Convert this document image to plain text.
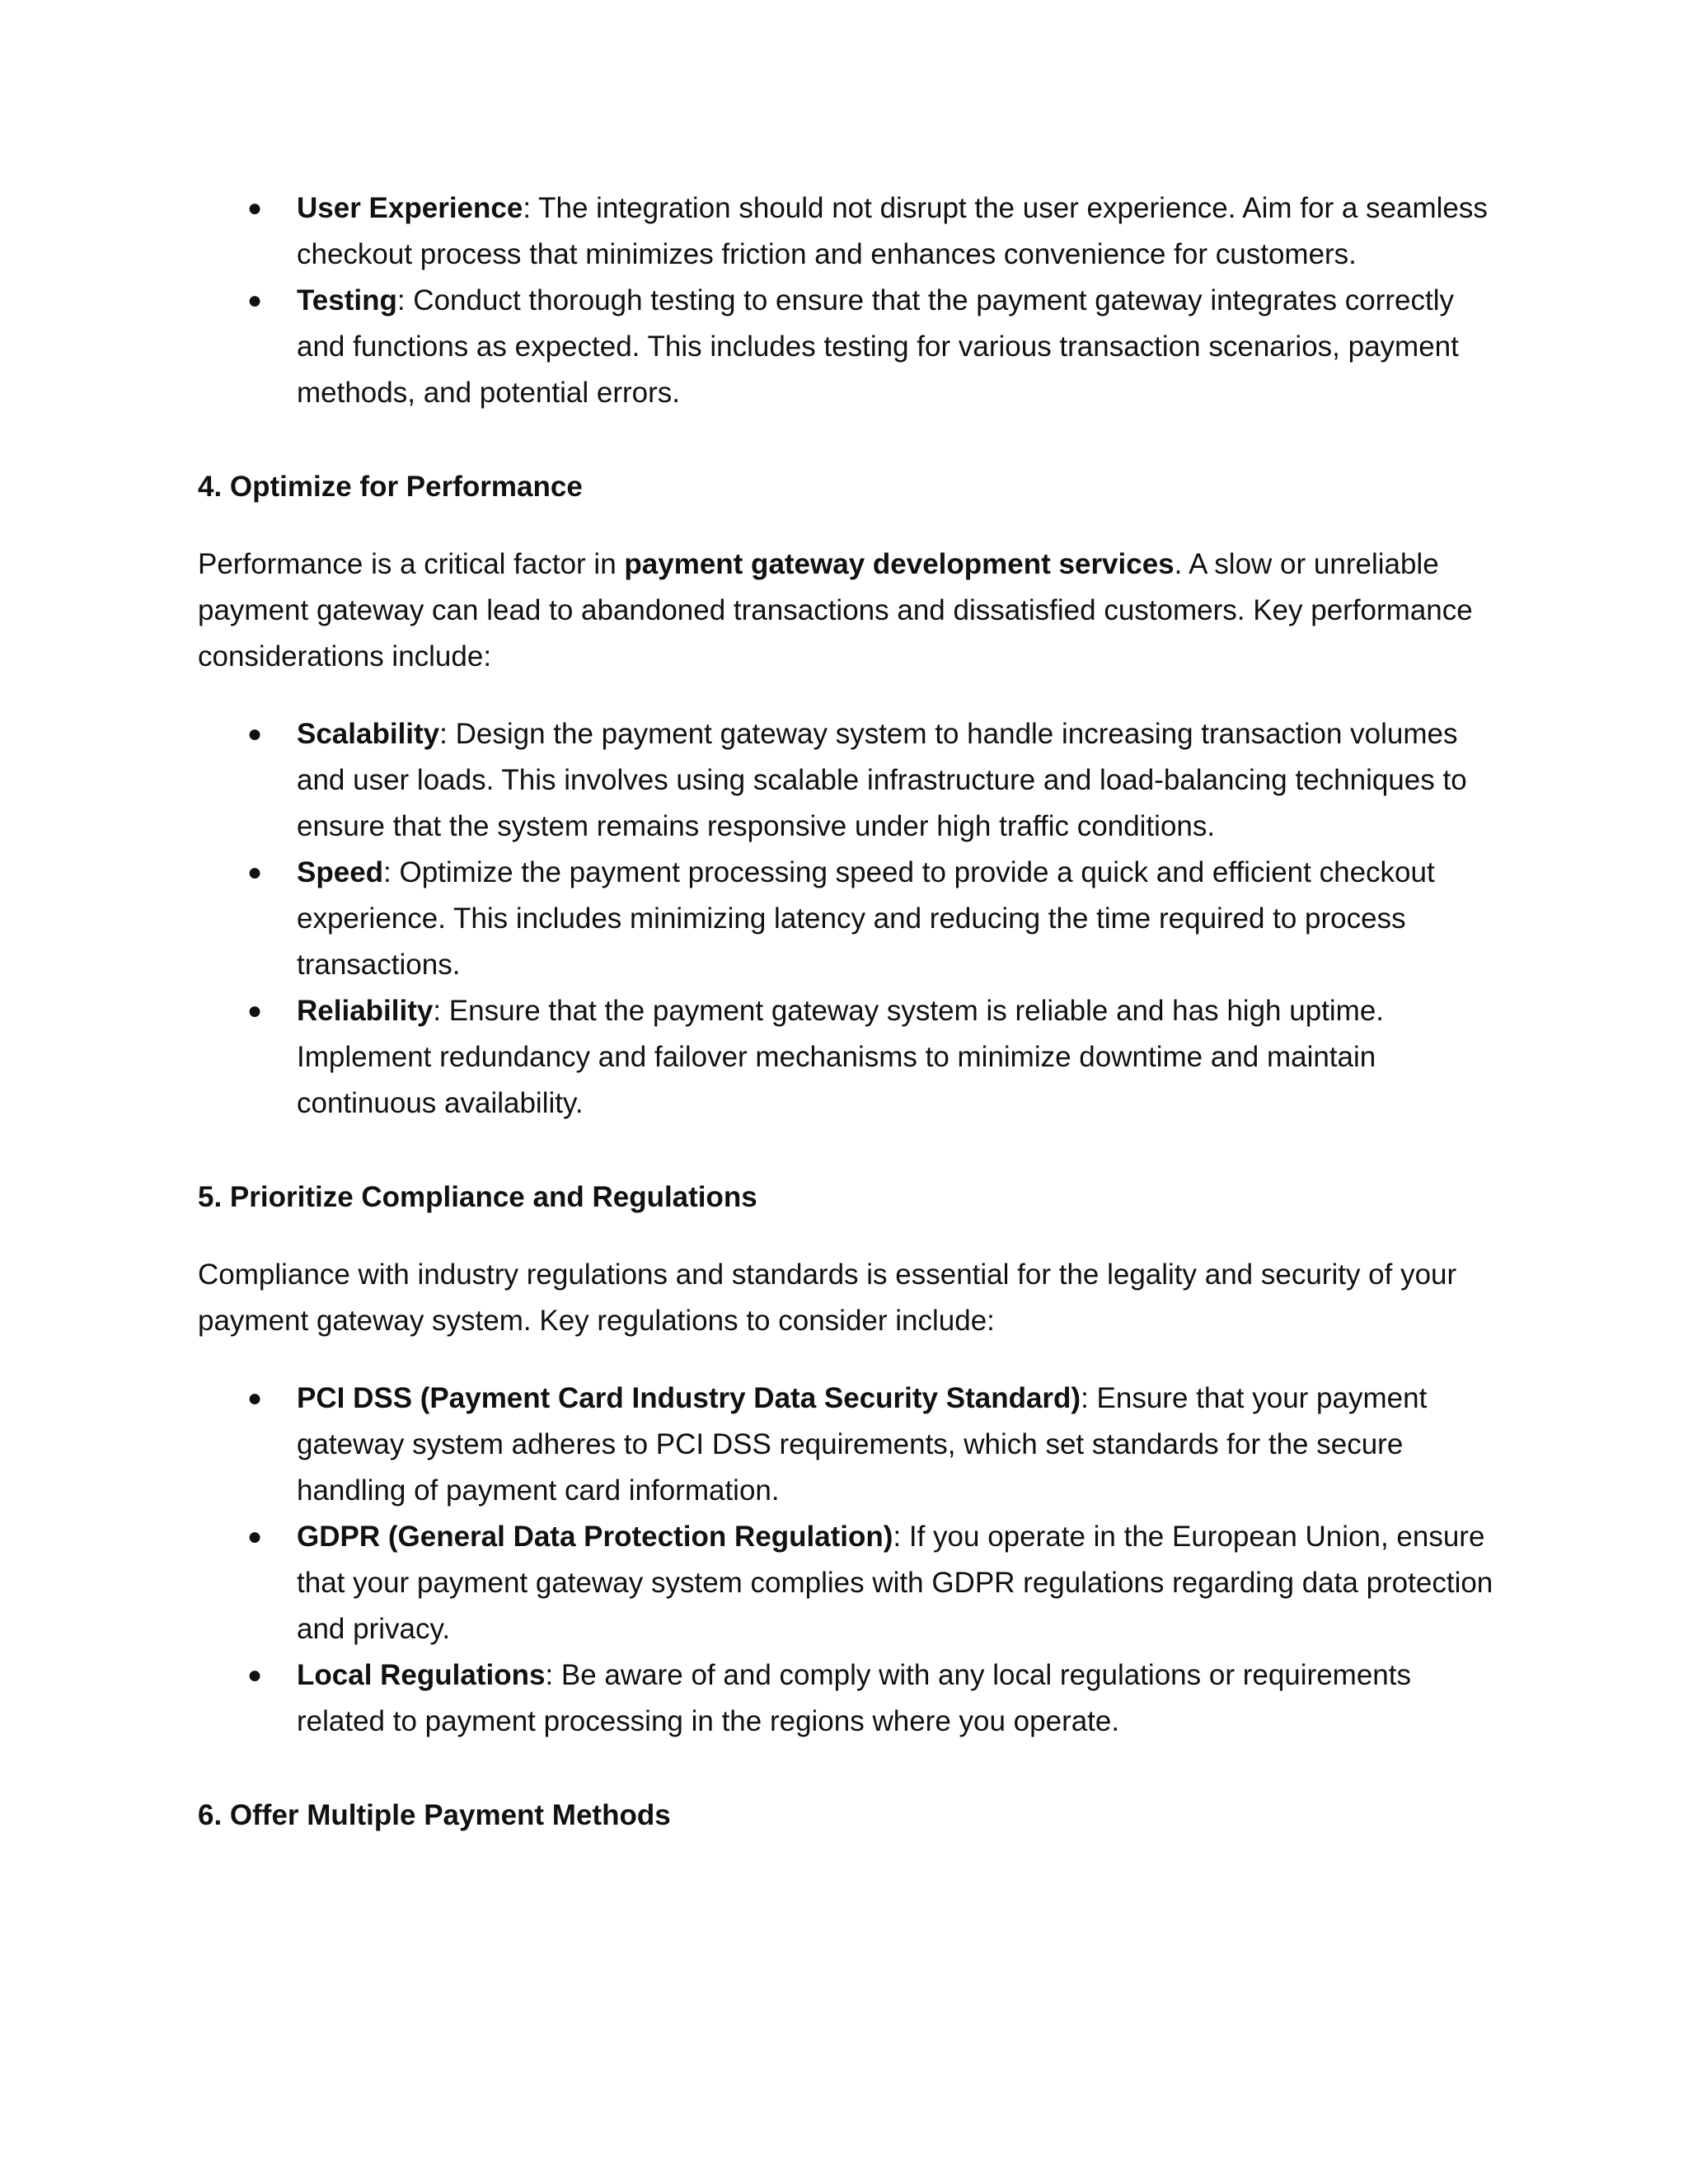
●	User Experience: The integration should not disrupt the user experience. Aim for a seamless checkout process that minimizes friction and enhances convenience for customers.
●	Testing: Conduct thorough testing to ensure that the payment gateway integrates correctly and functions as expected. This includes testing for various transaction scenarios, payment methods, and potential errors.

4. Optimize for Performance

Performance is a critical factor in payment gateway development services. A slow or unreliable payment gateway can lead to abandoned transactions and dissatisfied customers. Key performance considerations include:

●	Scalability: Design the payment gateway system to handle increasing transaction volumes and user loads. This involves using scalable infrastructure and load-balancing techniques to ensure that the system remains responsive under high traffic conditions.
●	Speed: Optimize the payment processing speed to provide a quick and efficient checkout experience. This includes minimizing latency and reducing the time required to process transactions.
●	Reliability: Ensure that the payment gateway system is reliable and has high uptime. Implement redundancy and failover mechanisms to minimize downtime and maintain continuous availability.

5. Prioritize Compliance and Regulations

Compliance with industry regulations and standards is essential for the legality and security of your payment gateway system. Key regulations to consider include:

●	PCI DSS (Payment Card Industry Data Security Standard): Ensure that your payment gateway system adheres to PCI DSS requirements, which set standards for the secure handling of payment card information.
●	GDPR (General Data Protection Regulation): If you operate in the European Union, ensure that your payment gateway system complies with GDPR regulations regarding data protection and privacy.
●	Local Regulations: Be aware of and comply with any local regulations or requirements related to payment processing in the regions where you operate.

6. Offer Multiple Payment Methods
